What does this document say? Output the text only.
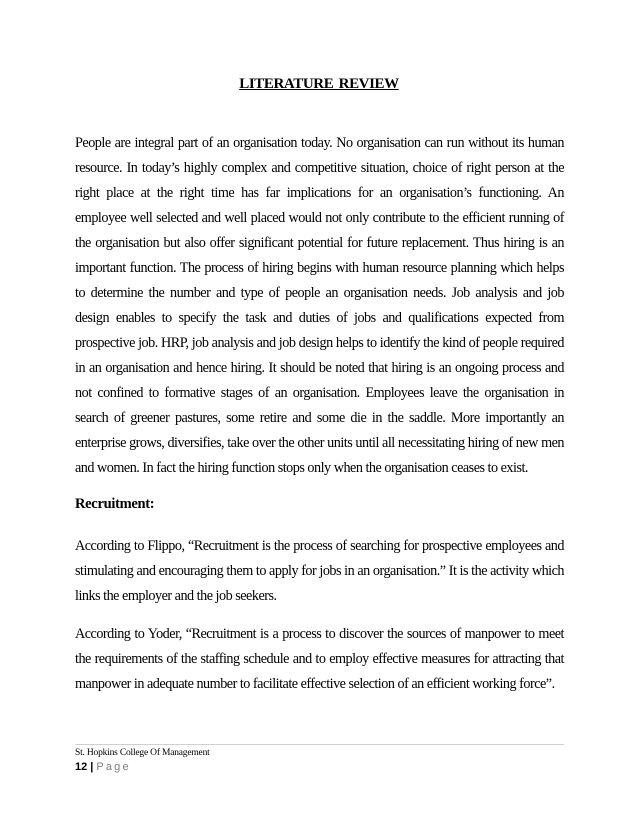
LITERATURE REVIEW
People are integral part of an organisation today. No organisation can run without its human resource. In today’s highly complex and competitive situation, choice of right person at the right place at the right time has far implications for an organisation’s functioning. An employee well selected and well placed would not only contribute to the efficient running of the organisation but also offer significant potential for future replacement. Thus hiring is an important function. The process of hiring begins with human resource planning which helps to determine the number and type of people an organisation needs. Job analysis and job design enables to specify the task and duties of jobs and qualifications expected from prospective job. HRP, job analysis and job design helps to identify the kind of people required in an organisation and hence hiring. It should be noted that hiring is an ongoing process and not confined to formative stages of an organisation. Employees leave the organisation in search of greener pastures, some retire and some die in the saddle. More importantly an enterprise grows, diversifies, take over the other units until all necessitating hiring of new men and women. In fact the hiring function stops only when the organisation ceases to exist.
Recruitment:
According to Flippo, “Recruitment is the process of searching for prospective employees and stimulating and encouraging them to apply for jobs in an organisation.” It is the activity which links the employer and the job seekers.
According to Yoder, “Recruitment is a process to discover the sources of manpower to meet the requirements of the staffing schedule and to employ effective measures for attracting that manpower in adequate number to facilitate effective selection of an efficient working force”.
St. Hopkins College Of Management
12 | Page
